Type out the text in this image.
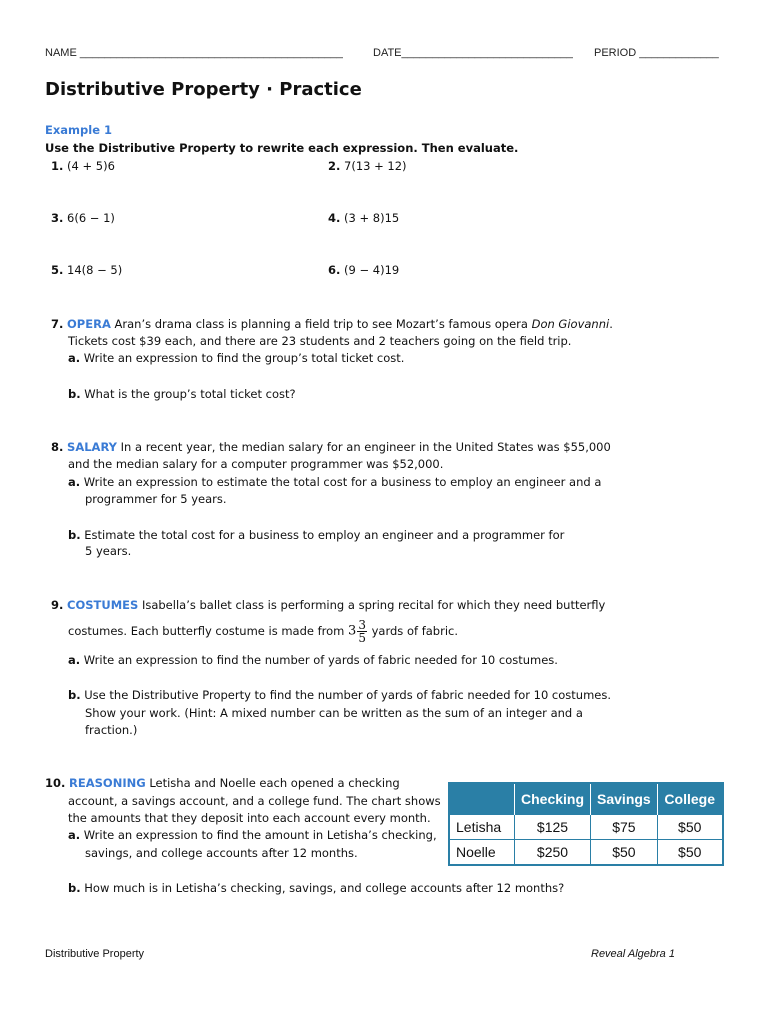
NAME ___________________________________________	DATE____________________________ PERIOD _____________
Distributive Property · Practice
Example 1
Use the Distributive Property to rewrite each expression. Then evaluate.
1. (4 + 5)6	2. 7(13 + 12)
3. 6(6 − 1)	4. (3 + 8)15
5. 14(8 − 5)	6. (9 − 4)19
7. OPERA Aran’s drama class is planning a field trip to see Mozart’s famous opera Don Giovanni.
Tickets cost $39 each, and there are 23 students and 2 teachers going on the field trip.
a. Write an expression to find the group’s total ticket cost.
b. What is the group’s total ticket cost?
8. SALARY In a recent year, the median salary for an engineer in the United States was $55,000
and the median salary for a computer programmer was $52,000.
a. Write an expression to estimate the total cost for a business to employ an engineer and a
programmer for 5 years.
b. Estimate the total cost for a business to employ an engineer and a programmer for
5 years.
9. COSTUMES Isabella’s ballet class is performing a spring recital for which they need butterfly
costumes. Each butterfly costume is made from $3 \frac{3}{5}$ yards of fabric.
a. Write an expression to find the number of yards of fabric needed for 10 costumes.
b. Use the Distributive Property to find the number of yards of fabric needed for 10 costumes.
Show your work. (Hint: A mixed number can be written as the sum of an integer and a
fraction.)
10. REASONING Letisha and Noelle each opened a checking
account, a savings account, and a college fund. The chart shows
the amounts that they deposit into each account every month.
a. Write an expression to find the amount in Letisha’s checking,
savings, and college accounts after 12 months.
b. How much is in Letisha’s checking, savings, and college accounts after 12 months?
	Checking	Savings	College
Letisha	$125	$75	$50
Noelle	$250	$50	$50
Distributive Property	Reveal Algebra 1
